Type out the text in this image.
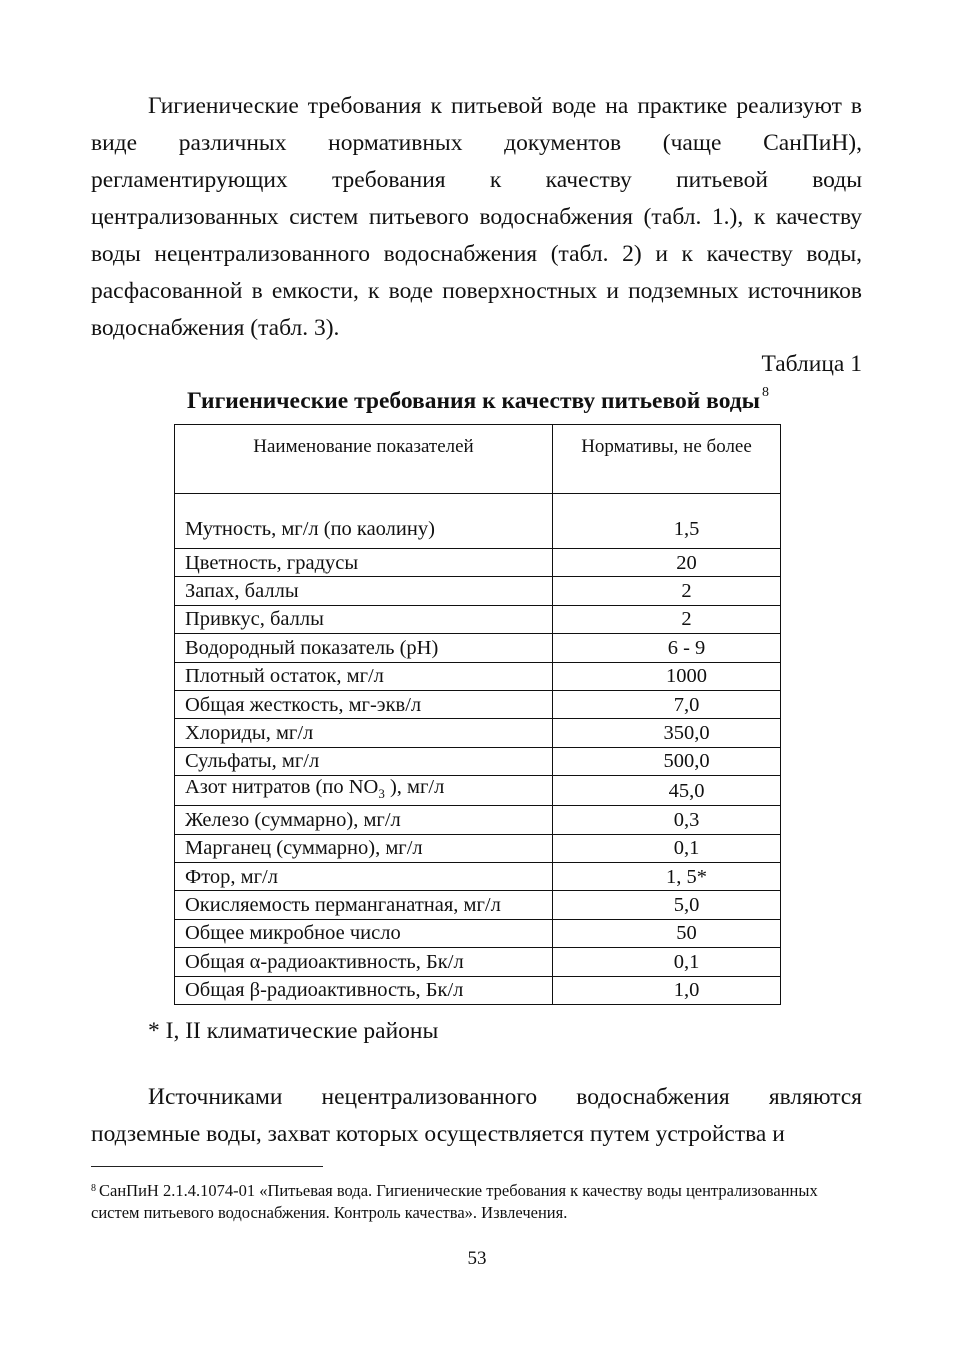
Гигиенические требования к питьевой воде на практике реализуют в виде различных нормативных документов (чаще СанПиН), регламентирующих требования к качеству питьевой воды централизованных систем питьевого водоснабжения (табл. 1.), к качеству воды нецентрализованного водоснабжения (табл. 2) и к качеству воды, расфасованной в емкости, к воде поверхностных и подземных источников водоснабжения (табл. 3).

Таблица 1

Гигиенические требования к качеству питьевой воды $^8$

Наименование показателей	Нормативы, не более
Мутность, мг/л (по каолину)	1,5
Цветность, градусы	20
Запах, баллы	2
Привкус, баллы	2
Водородный показатель (рН)	6 - 9
Плотный остаток, мг/л	1000
Общая жесткость, мг-экв/л	7,0
Хлориды, мг/л	350,0
Сульфаты, мг/л	500,0
Азот нитратов (по $NO_3$ ), мг/л	45,0
Железо (суммарно), мг/л	0,3
Марганец (суммарно), мг/л	0,1
Фтор, мг/л	1, 5*
Окисляемость перманганатная, мг/л	5,0
Общее микробное число	50
Общая α-радиоактивность, Бк/л	0,1
Общая β-радиоактивность, Бк/л	1,0

* I, II климатические районы

Источниками нецентрализованного водоснабжения являются подземные воды, захват которых осуществляется путем устройства и

$^8$ СанПиН 2.1.4.1074-01 «Питьевая вода. Гигиенические требования к качеству воды централизованных систем питьевого водоснабжения. Контроль качества». Извлечения.

53
